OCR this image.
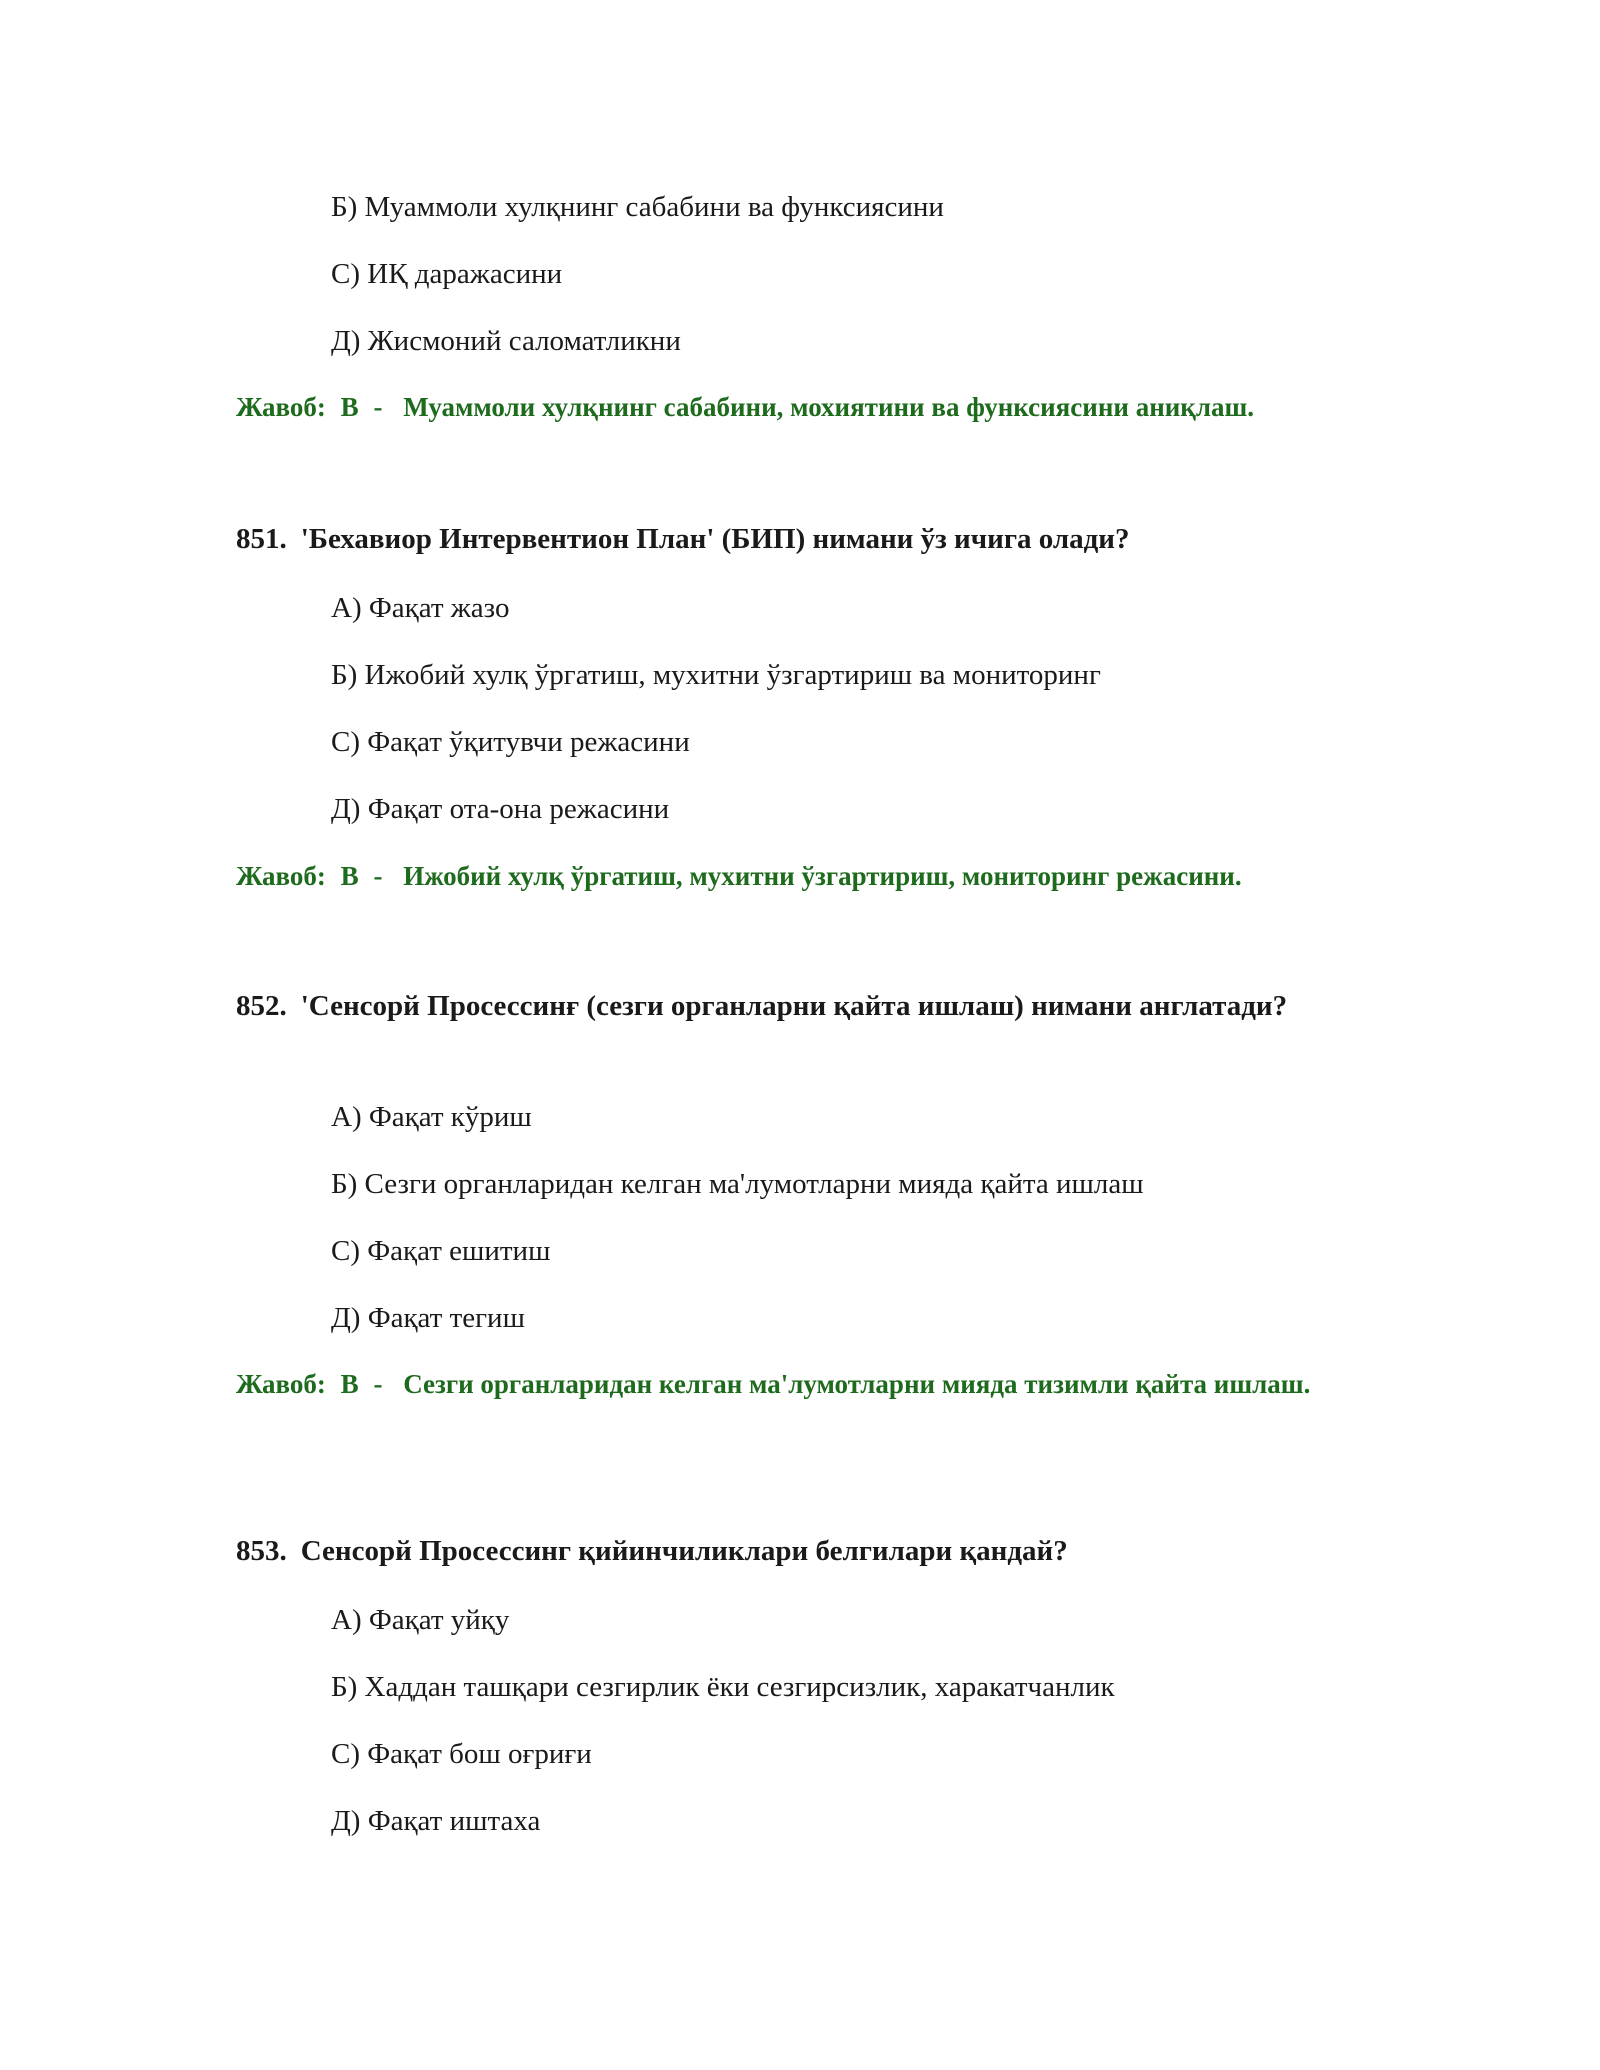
Б) Муаммоли хулқнинг сабабини ва функсиясини
С) ИҚ даражасини
Д) Жисмоний саломатликни
Жавоб: В - Муаммоли хулқнинг сабабини, мохиятини ва функсиясини аниқлаш.
851. 'Бехавиор Интервентион План' (БИП) нимани ўз ичига олади?
А) Фақат жазо
Б) Ижобий хулқ ўргатиш, мухитни ўзгартириш ва мониторинг
С) Фақат ўқитувчи режасини
Д) Фақат ота-она режасини
Жавоб: В - Ижобий хулқ ўргатиш, мухитни ўзгартириш, мониторинг режасини.
852. 'Сенсорй Просессинғ (сезги органларни қайта ишлаш) нимани англатади?
А) Фақат кўриш
Б) Сезги органларидан келган ма'лумотларни мияда қайта ишлаш
С) Фақат ешитиш
Д) Фақат тегиш
Жавоб: В - Сезги органларидан келган ма'лумотларни мияда тизимли қайта ишлаш.
853. Сенсорй Просессинг қийинчиликлари белгилари қандай?
А) Фақат уйқу
Б) Хаддан ташқари сезгирлик ёки сезгирсизлик, харакатчанлик
С) Фақат бош оғриғи
Д) Фақат иштаха
